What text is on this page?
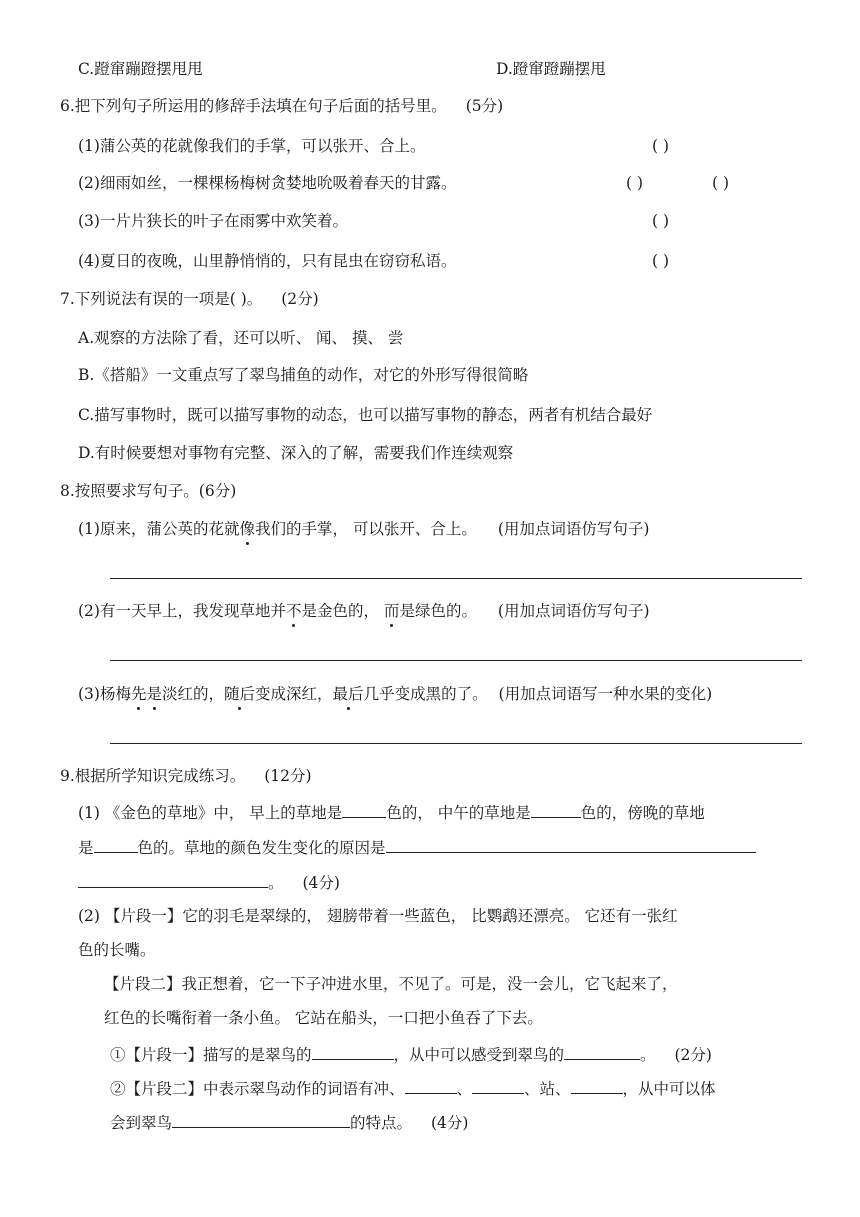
C.蹬窜蹦蹬摆甩甩	D.蹬窜蹬蹦摆甩
6.把下列句子所运用的修辞手法填在句子后面的括号里。 (5分)
(1)蒲公英的花就像我们的手掌，可以张开、合上。	( )
(2)细雨如丝，一棵棵杨梅树贪婪地吮吸着春天的甘露。	( )	( )
(3)一片片狭长的叶子在雨雾中欢笑着。	( )
(4)夏日的夜晚，山里静悄悄的，只有昆虫在窃窃私语。	( )
7.下列说法有误的一项是( )。 (2分)
A.观察的方法除了看，还可以听、 闻、 摸、 尝
B.《搭船》一文重点写了翠鸟捕鱼的动作，对它的外形写得很简略
C.描写事物时，既可以描写事物的动态，也可以描写事物的静态，两者有机结合最好
D.有时候要想对事物有完整、深入的了解，需要我们作连续观察
8.按照要求写句子。(6分)
(1)原来，蒲公英的花就像我们的手掌， 可以张开、合上。 (用加点词语仿写句子)
(2)有一天早上，我发现草地并不是金色的， 而是绿色的。 (用加点词语仿写句子)
(3)杨梅先是淡红的，随后变成深红，最后几乎变成黑的了。 (用加点词语写一种水果的变化)
9.根据所学知识完成练习。 (12分)
(1) 《金色的草地》中， 早上的草地是	色的， 中午的草地是	色的，傍晚的草地
是	色的。草地的颜色发生变化的原因是
。 (4分)
(2) 【片段一】它的羽毛是翠绿的， 翅膀带着一些蓝色， 比鹦鹉还漂亮。 它还有一张红
色的长嘴。
【片段二】我正想着，它一下子冲进水里，不见了。可是，没一会儿，它飞起来了，
红色的长嘴衔着一条小鱼。 它站在船头，一口把小鱼吞了下去。
①【片段一】描写的是翠鸟的	，从中可以感受到翠鸟的	。 (2分)
②【片段二】中表示翠鸟动作的词语有冲、	、	、站、	，从中可以体
会到翠鸟	的特点。 (4分)
